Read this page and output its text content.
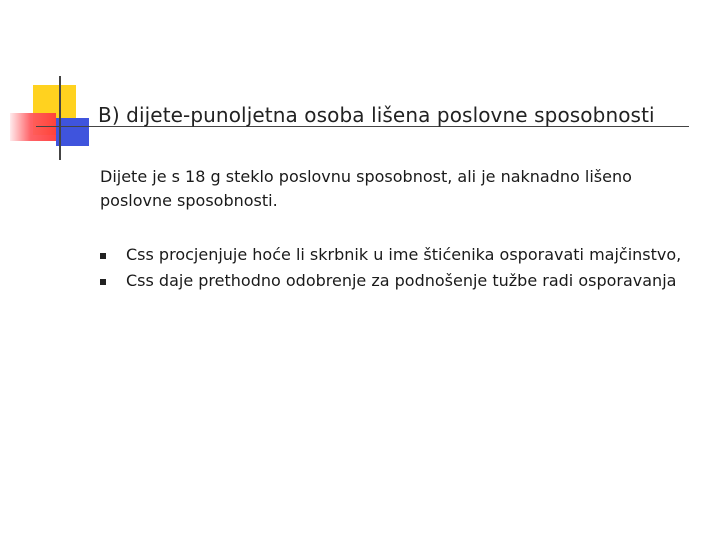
B) dijete-punoljetna osoba lišena poslovne sposobnosti
Dijete je s 18 g steklo poslovnu sposobnost, ali je naknadno lišeno poslovne sposobnosti.
Css procjenjuje hoće li skrbnik u ime štićenika osporavati majčinstvo,
Css daje prethodno odobrenje za podnošenje tužbe radi osporavanja
